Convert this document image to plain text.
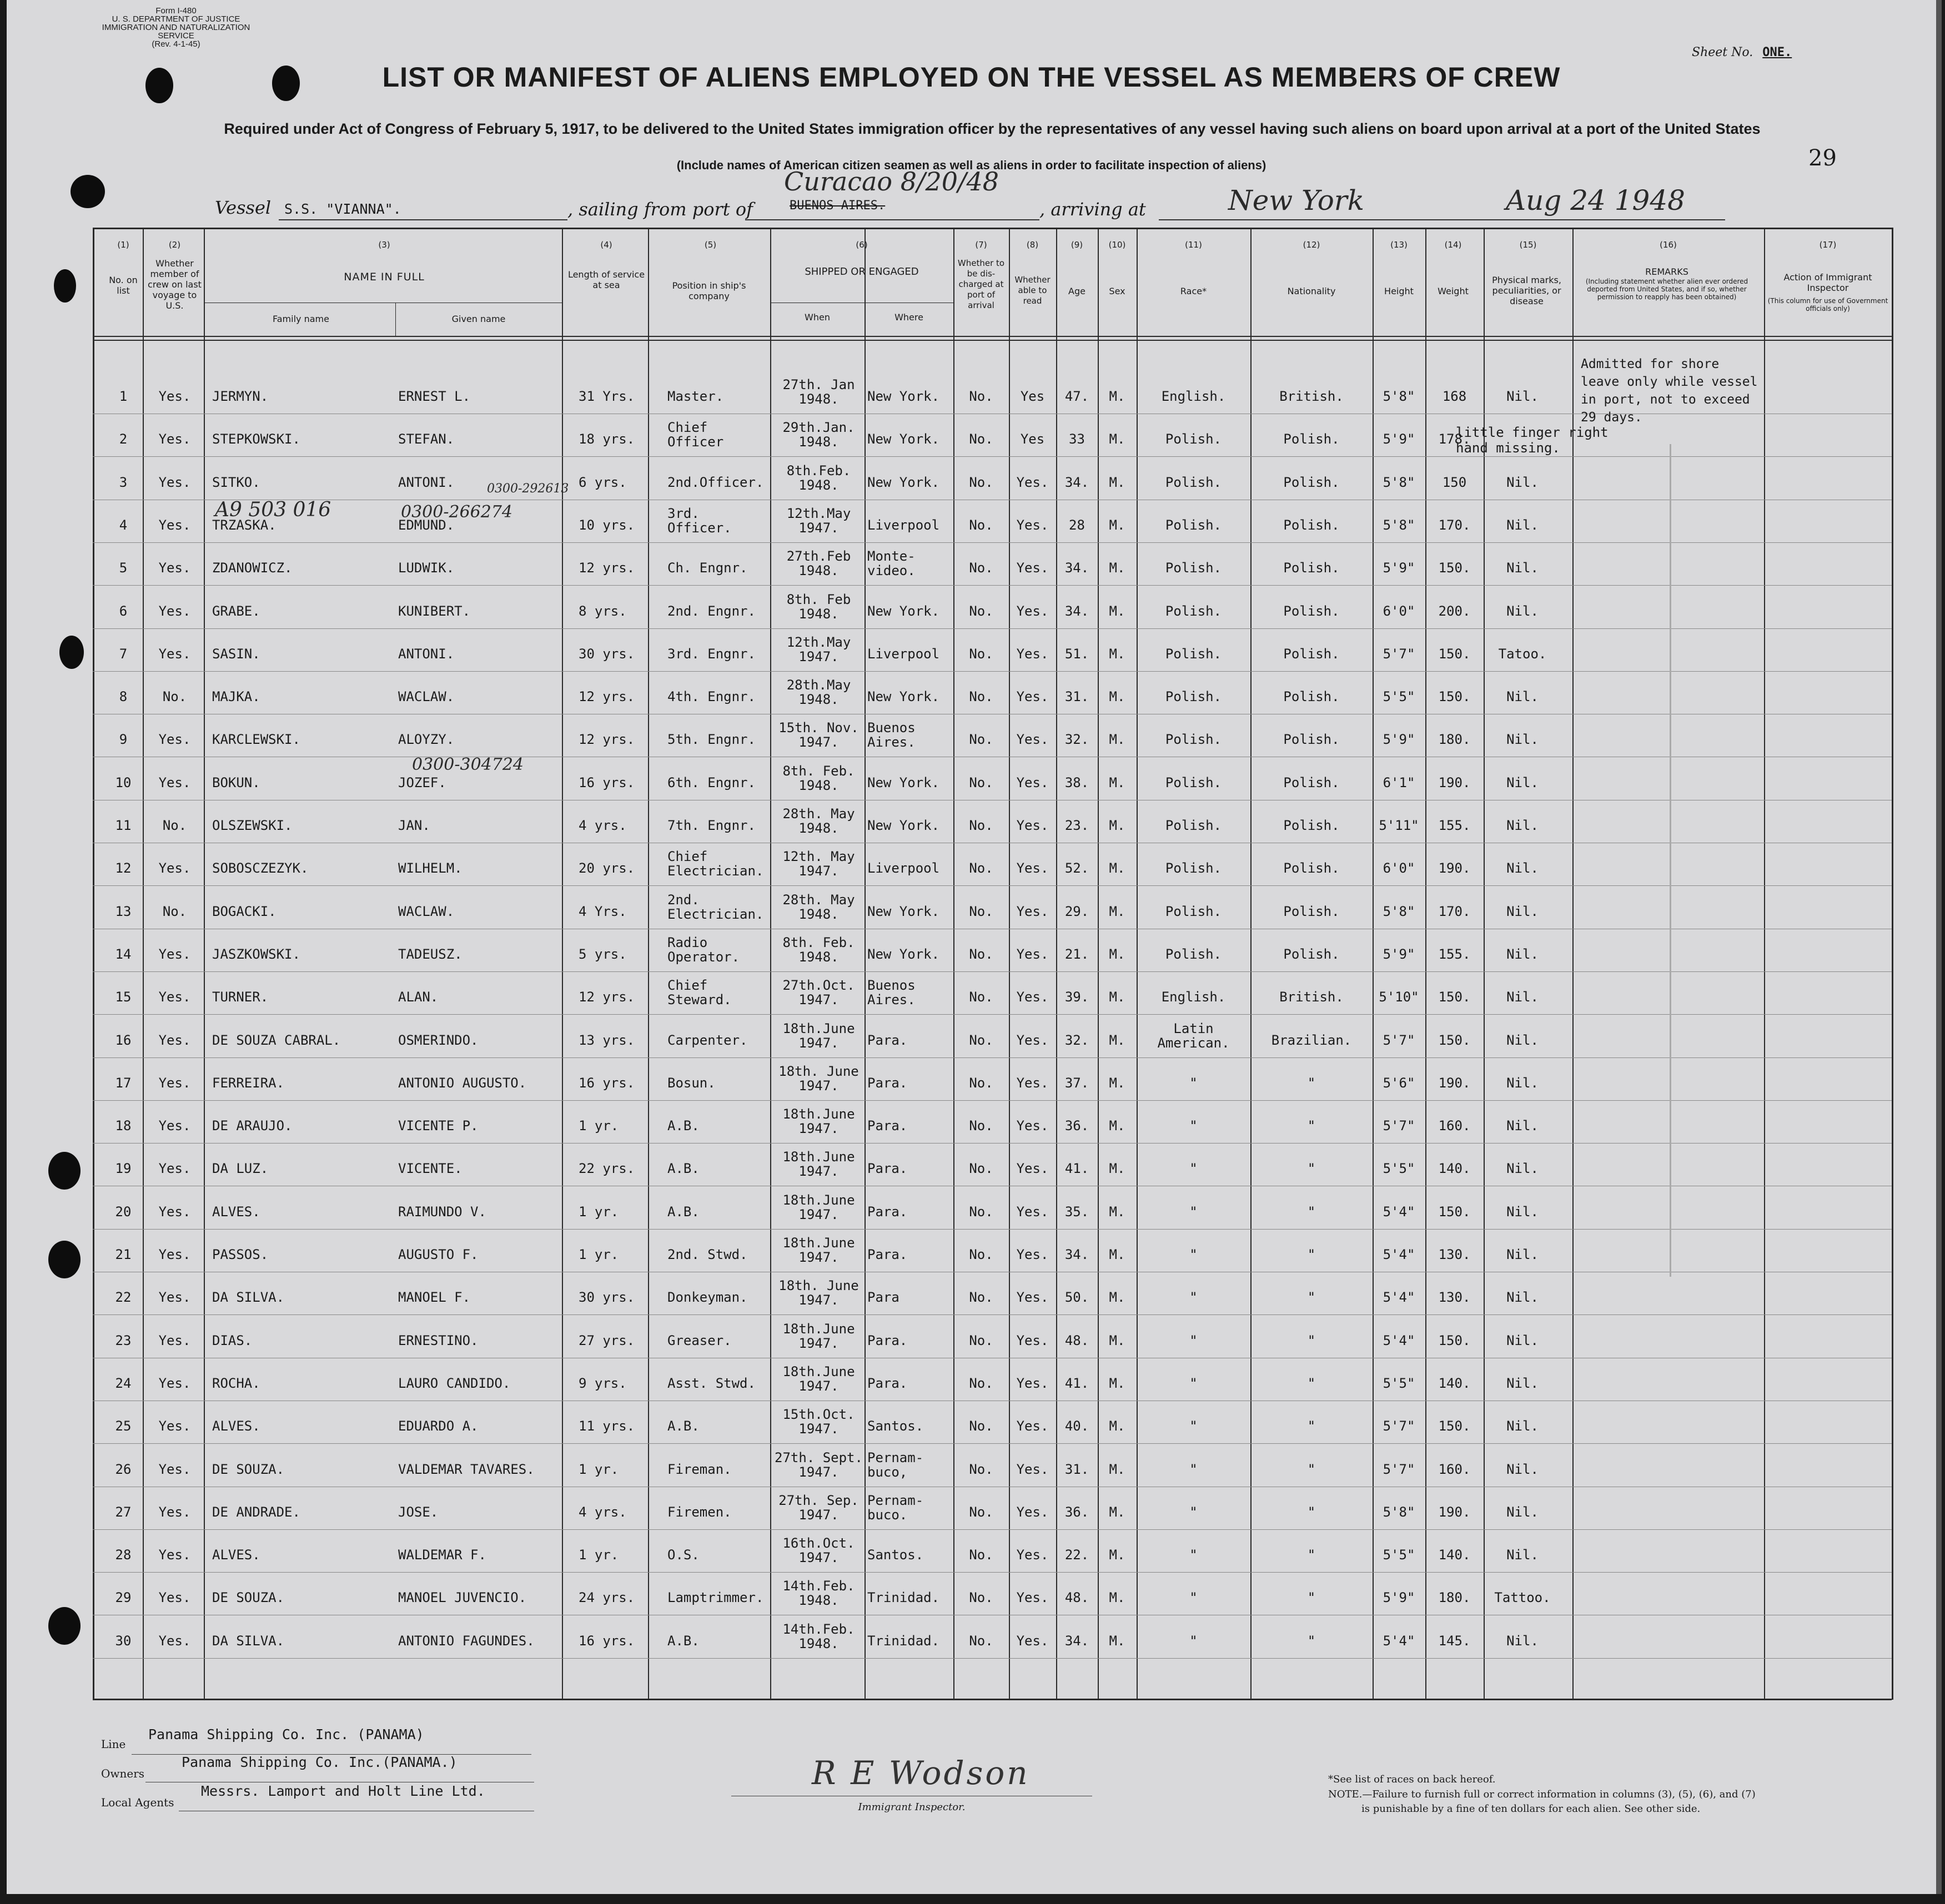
Form I-480
U. S. DEPARTMENT OF JUSTICE
IMMIGRATION AND NATURALIZATION SERVICE
(Rev. 4-1-45)
Sheet No. ONE.
29
LIST OR MANIFEST OF ALIENS EMPLOYED ON THE VESSEL AS MEMBERS OF CREW
Required under Act of Congress of February 5, 1917, to be delivered to the United States immigration officer by the representatives of any vessel having such aliens on board upon arrival at a port of the United States
(Include names of American citizen seamen as well as aliens in order to facilitate inspection of aliens)
Vessel S.S. "VIANNA".	, sailing from port of	BUENOS AIRES.
Curacao 8/20/48
, arriving at	New York	Aug 24 1948
(1)	(2)	(3)	(4)	(5)	(6)	(7)	(8)	(9)	(10)	(11)	(12)	(13)	(14)	(15)	(16)	(17)
No. on list
Whether member of crew on last voyage to U.S.
NAME IN FULL
Family name	Given name
Length of service at sea	Position in ship's company
SHIPPED OR ENGAGED
When	Where
Whether to be dis-charged at port of arrival
Whether able to read
Age	Sex	Race*	Nationality	Height	Weight
Physical marks, peculiarities, or disease
REMARKS
(Including statement whether alien ever ordered deported from United States, and if so, whether permission to reapply has been obtained)
Action of Immigrant Inspector
(This column for use of Government officials only)
1	Yes.	JERMYN.	ERNEST L.	31 Yrs.	Master.
27th. Jan 1948.	New York.	No.	Yes	47.	M.	English.	British.	5'8"	168	Nil.
2	Yes.	STEPKOWSKI.	STEFAN.	18 yrs.
Chief Officer
29th.Jan. 1948.	New York.	No.	Yes	33	M.	Polish.	Polish.	5'9"	178.
little finger right hand missing.
3	Yes.	SITKO.	ANTONI.	6 yrs.	2nd.Officer.
8th.Feb. 1948.	New York.	No.	Yes.	34.	M.	Polish.	Polish.	5'8"	150	Nil.
4	Yes.	TRZASKA.	EDMUND.	10 yrs.
3rd. Officer.
12th.May 1947.	Liverpool	No.	Yes.	28	M.	Polish.	Polish.	5'8"	170.	Nil.
5	Yes.	ZDANOWICZ.	LUDWIK.	12 yrs.	Ch. Engnr.
27th.Feb 1948.
Monte- video.	No.	Yes.	34.	M.	Polish.	Polish.	5'9"	150.	Nil.
6	Yes.	GRABE.	KUNIBERT.	8 yrs.	2nd. Engnr.
8th. Feb 1948.	New York.	No.	Yes.	34.	M.	Polish.	Polish.	6'0"	200.	Nil.
7	Yes.	SASIN.	ANTONI.	30 yrs.	3rd. Engnr.
12th.May 1947.	Liverpool	No.	Yes.	51.	M.	Polish.	Polish.	5'7"	150.	Tatoo.
8	No.	MAJKA.	WACLAW.	12 yrs.	4th. Engnr.
28th.May 1948.	New York.	No.	Yes.	31.	M.	Polish.	Polish.	5'5"	150.	Nil.
9	Yes.	KARCLEWSKI.	ALOYZY.	12 yrs.	5th. Engnr.
15th. Nov. 1947.
Buenos Aires.	No.	Yes.	32.	M.	Polish.	Polish.	5'9"	180.	Nil.
10	Yes.	BOKUN.	JOZEF.	16 yrs.	6th. Engnr.
8th. Feb. 1948.	New York.	No.	Yes.	38.	M.	Polish.	Polish.	6'1"	190.	Nil.
11	No.	OLSZEWSKI.	JAN.	4 yrs.	7th. Engnr.
28th. May 1948.	New York.	No.	Yes.	23.	M.	Polish.	Polish.	5'11"	155.	Nil.
12	Yes.	SOBOSCZEZYK.	WILHELM.	20 yrs.
Chief Electrician.
12th. May 1947.	Liverpool	No.	Yes.	52.	M.	Polish.	Polish.	6'0"	190.	Nil.
13	No.	BOGACKI.	WACLAW.	4 Yrs.
2nd. Electrician.
28th. May 1948.	New York.	No.	Yes.	29.	M.	Polish.	Polish.	5'8"	170.	Nil.
14	Yes.	JASZKOWSKI.	TADEUSZ.	5 yrs.
Radio Operator.
8th. Feb. 1948.	New York.	No.	Yes.	21.	M.	Polish.	Polish.	5'9"	155.	Nil.
15	Yes.	TURNER.	ALAN.	12 yrs.
Chief Steward.
27th.Oct. 1947.
Buenos Aires.	No.	Yes.	39.	M.	English.	British.	5'10"	150.	Nil.
16	Yes.	DE SOUZA CABRAL.	OSMERINDO.	13 yrs.	Carpenter.
18th.June 1947.	Para.	No.	Yes.	32.	M.
Latin American.	Brazilian.	5'7"	150.	Nil.
17	Yes.	FERREIRA.	ANTONIO AUGUSTO.	16 yrs.	Bosun.
18th. June 1947.	Para.	No.	Yes.	37.	M.	"	"	5'6"	190.	Nil.
18	Yes.	DE ARAUJO.	VICENTE P.	1 yr.	A.B.
18th.June 1947.	Para.	No.	Yes.	36.	M.	"	"	5'7"	160.	Nil.
19	Yes.	DA LUZ.	VICENTE.	22 yrs.	A.B.
18th.June 1947.	Para.	No.	Yes.	41.	M.	"	"	5'5"	140.	Nil.
20	Yes.	ALVES.	RAIMUNDO V.	1 yr.	A.B.
18th.June 1947.	Para.	No.	Yes.	35.	M.	"	"	5'4"	150.	Nil.
21	Yes.	PASSOS.	AUGUSTO F.	1 yr.	2nd. Stwd.
18th.June 1947.	Para.	No.	Yes.	34.	M.	"	"	5'4"	130.	Nil.
22	Yes.	DA SILVA.	MANOEL F.	30 yrs.	Donkeyman.
18th. June 1947.	Para	No.	Yes.	50.	M.	"	"	5'4"	130.	Nil.
23	Yes.	DIAS.	ERNESTINO.	27 yrs.	Greaser.
18th.June 1947.	Para.	No.	Yes.	48.	M.	"	"	5'4"	150.	Nil.
24	Yes.	ROCHA.	LAURO CANDIDO.	9 yrs.	Asst. Stwd.
18th.June 1947.	Para.	No.	Yes.	41.	M.	"	"	5'5"	140.	Nil.
25	Yes.	ALVES.	EDUARDO A.	11 yrs.	A.B.
15th.Oct. 1947.	Santos.	No.	Yes.	40.	M.	"	"	5'7"	150.	Nil.
26	Yes.	DE SOUZA.	VALDEMAR TAVARES.	1 yr.	Fireman.
27th. Sept. 1947.
Pernam- buco,	No.	Yes.	31.	M.	"	"	5'7"	160.	Nil.
27	Yes.	DE ANDRADE.	JOSE.	4 yrs.	Firemen.
27th. Sep. 1947.
Pernam- buco.	No.	Yes.	36.	M.	"	"	5'8"	190.	Nil.
28	Yes.	ALVES.	WALDEMAR F.	1 yr.	O.S.
16th.Oct. 1947.	Santos.	No.	Yes.	22.	M.	"	"	5'5"	140.	Nil.
29	Yes.	DE SOUZA.	MANOEL JUVENCIO.	24 yrs.	Lamptrimmer.
14th.Feb. 1948.	Trinidad.	No.	Yes.	48.	M.	"	"	5'9"	180.	Tattoo.
30	Yes.	DA SILVA.	ANTONIO FAGUNDES.	16 yrs.	A.B.
14th.Feb. 1948.	Trinidad.	No.	Yes.	34.	M.	"	"	5'4"	145.	Nil.
Admitted for shore leave only while vessel in port, not to exceed 29 days.
0300-292613
A9 503 016	0300-266274
0300-304724
Line
Panama Shipping Co. Inc. (PANAMA)
Owners
Panama Shipping Co. Inc.(PANAMA.)
Local Agents
Messrs. Lamport and Holt Line Ltd.	R E Wodson
Immigrant Inspector.
*See list of races on back hereof.
NOTE.—Failure to furnish full or correct information in columns (3), (5), (6), and (7)
is punishable by a fine of ten dollars for each alien. See other side.
